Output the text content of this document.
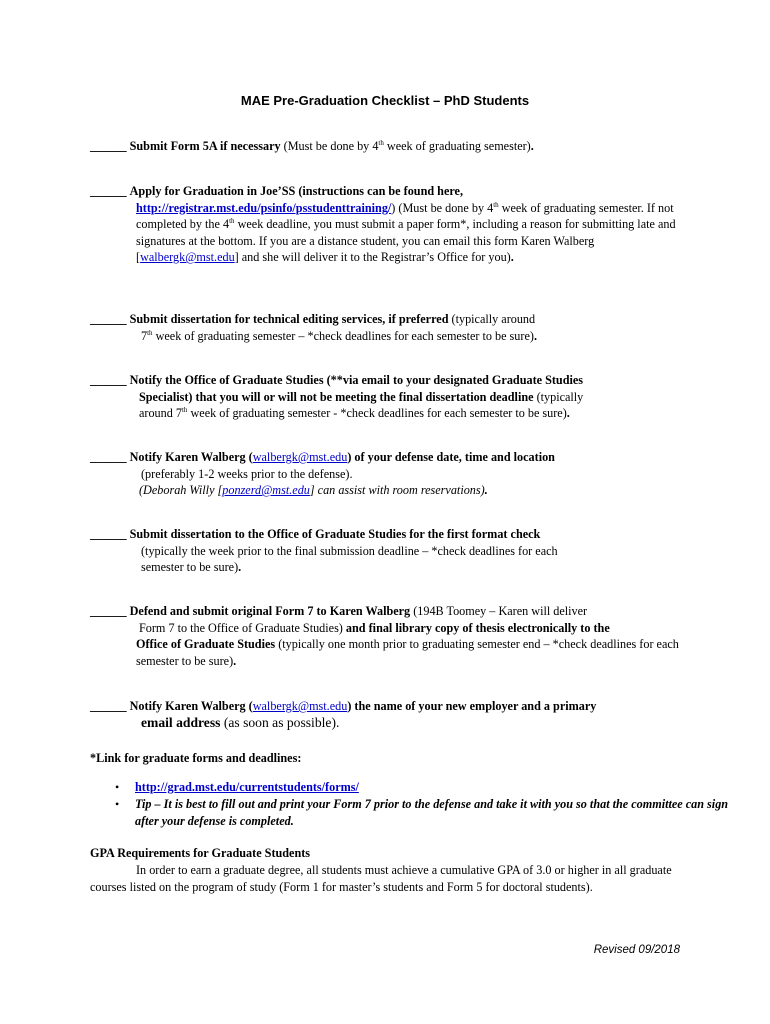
MAE Pre-Graduation Checklist – PhD Students
______ Submit Form 5A if necessary (Must be done by 4th week of graduating semester).
______ Apply for Graduation in Joe’SS (instructions can be found here,
http://registrar.mst.edu/psinfo/psstudenttraining/) (Must be done by 4th week of graduating semester. If not completed by the 4th week deadline, you must submit a paper form*, including a reason for submitting late and signatures at the bottom. If you are a distance student, you can email this form Karen Walberg [walbergk@mst.edu] and she will deliver it to the Registrar’s Office for you).
______ Submit dissertation for technical editing services, if preferred (typically around
7th week of graduating semester – *check deadlines for each semester to be sure).
______ Notify the Office of Graduate Studies (**via email to your designated Graduate Studies
Specialist) that you will or will not be meeting the final dissertation deadline (typically
around 7th week of graduating semester - *check deadlines for each semester to be sure).
______ Notify Karen Walberg (walbergk@mst.edu) of your defense date, time and location
(preferably 1-2 weeks prior to the defense).
(Deborah Willy [ponzerd@mst.edu] can assist with room reservations).
______ Submit dissertation to the Office of Graduate Studies for the first format check
(typically the week prior to the final submission deadline – *check deadlines for each
semester to be sure).
______ Defend and submit original Form 7 to Karen Walberg (194B Toomey – Karen will deliver
Form 7 to the Office of Graduate Studies) and final library copy of thesis electronically to the
Office of Graduate Studies (typically one month prior to graduating semester end – *check deadlines for each semester to be sure).
______ Notify Karen Walberg (walbergk@mst.edu) the name of your new employer and a primary
email address (as soon as possible).
*Link for graduate forms and deadlines:
• http://grad.mst.edu/currentstudents/forms/
• Tip – It is best to fill out and print your Form 7 prior to the defense and take it with you so that the committee can sign after your defense is completed.
GPA Requirements for Graduate Students
In order to earn a graduate degree, all students must achieve a cumulative GPA of 3.0 or higher in all graduate courses listed on the program of study (Form 1 for master’s students and Form 5 for doctoral students).
Revised 09/2018
